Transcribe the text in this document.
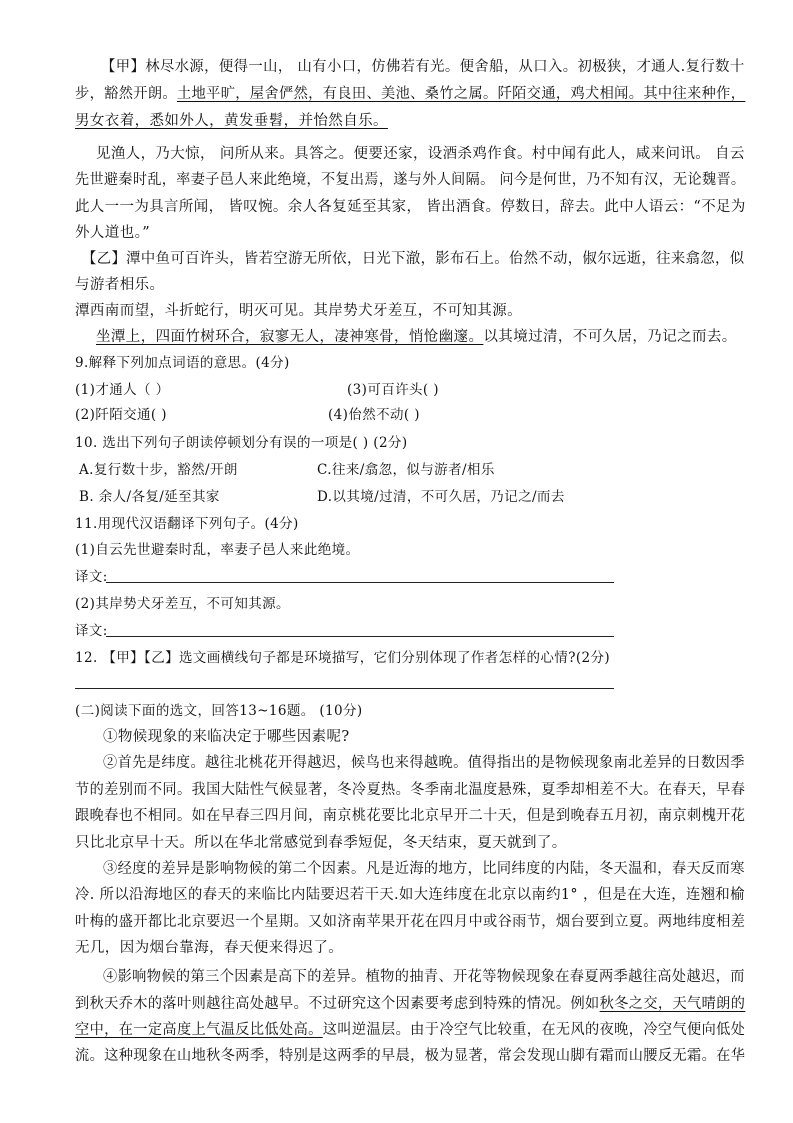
【甲】林尽水源，便得一山， 山有小口，仿佛若有光。便舍船，从口入。初极狭，才通人.复行数十
步，豁然开朗。土地平旷，屋舍俨然，有良田、美池、桑竹之属。阡陌交通，鸡犬相闻。其中往来种作，
男女衣着，悉如外人，黄发垂髫，并怡然自乐。
见渔人，乃大惊， 问所从来。具答之。便要还家，设酒杀鸡作食。村中闻有此人，咸来问讯。 自云
先世避秦时乱，率妻子邑人来此绝境，不复出焉，遂与外人间隔。 问今是何世，乃不知有汉，无论魏晋。
此人一一为具言所闻， 皆叹惋。余人各复延至其家， 皆出酒食。停数日，辞去。此中人语云：“不足为
外人道也。”
【乙】潭中鱼可百许头，皆若空游无所依，日光下澈，影布石上。佁然不动，俶尔远逝，往来翕忽，似
与游者相乐。
潭西南而望，斗折蛇行，明灭可见。其岸势犬牙差互，不可知其源。
坐潭上，四面竹树环合，寂寥无人，凄神寒骨，悄怆幽邃。以其境过清，不可久居，乃记之而去。
9.解释下列加点词语的意思。(4分)
(1)才通人（ ）	(3)可百许头( )
(2)阡陌交通( )	(4)佁然不动( )
10. 选出下列句子朗读停顿划分有误的一项是( ) (2分)
A.复行数十步，豁然/开朗	C.往来/翕忽，似与游者/相乐
B. 余人/各复/延至其家	D.以其境/过清，不可久居，乃记之/而去
11.用现代汉语翻译下列句子。(4分)
(1)自云先世避秦时乱，率妻子邑人来此绝境。
译文:
(2)其岸势犬牙差互，不可知其源。
译文:
12. 【甲】【乙】选文画横线句子都是环境描写，它们分别体现了作者怎样的心情?(2分)
(二)阅读下面的选文，回答13~16题。 (10分)
①物候现象的来临决定于哪些因素呢?
②首先是纬度。越往北桃花开得越迟，候鸟也来得越晚。值得指出的是物候现象南北差异的日数因季
节的差别而不同。我国大陆性气候显著，冬冷夏热。冬季南北温度悬殊，夏季却相差不大。在春天，早春
跟晚春也不相同。如在早春三四月间，南京桃花要比北京早开二十天，但是到晚春五月初，南京刺槐开花
只比北京早十天。所以在华北常感觉到春季短促，冬天结束，夏天就到了。
③经度的差异是影响物候的第二个因素。凡是近海的地方，比同纬度的内陆，冬天温和，春天反而寒
冷. 所以沿海地区的春天的来临比内陆要迟若干天.如大连纬度在北京以南约1° ，但是在大连，连翘和榆
叶梅的盛开都比北京要迟一个星期。又如济南苹果开花在四月中或谷雨节，烟台要到立夏。两地纬度相差
无几，因为烟台靠海，春天便来得迟了。
④影响物候的第三个因素是高下的差异。植物的抽青、开花等物候现象在春夏两季越往高处越迟，而
到秋天乔木的落叶则越往高处越早。不过研究这个因素要考虑到特殊的情况。例如秋冬之交，天气晴朗的
空中，在一定高度上气温反比低处高。这叫逆温层。由于冷空气比较重，在无风的夜晚，冷空气便向低处
流。这种现象在山地秋冬两季，特别是这两季的早晨，极为显著，常会发现山脚有霜而山腰反无霜。在华
